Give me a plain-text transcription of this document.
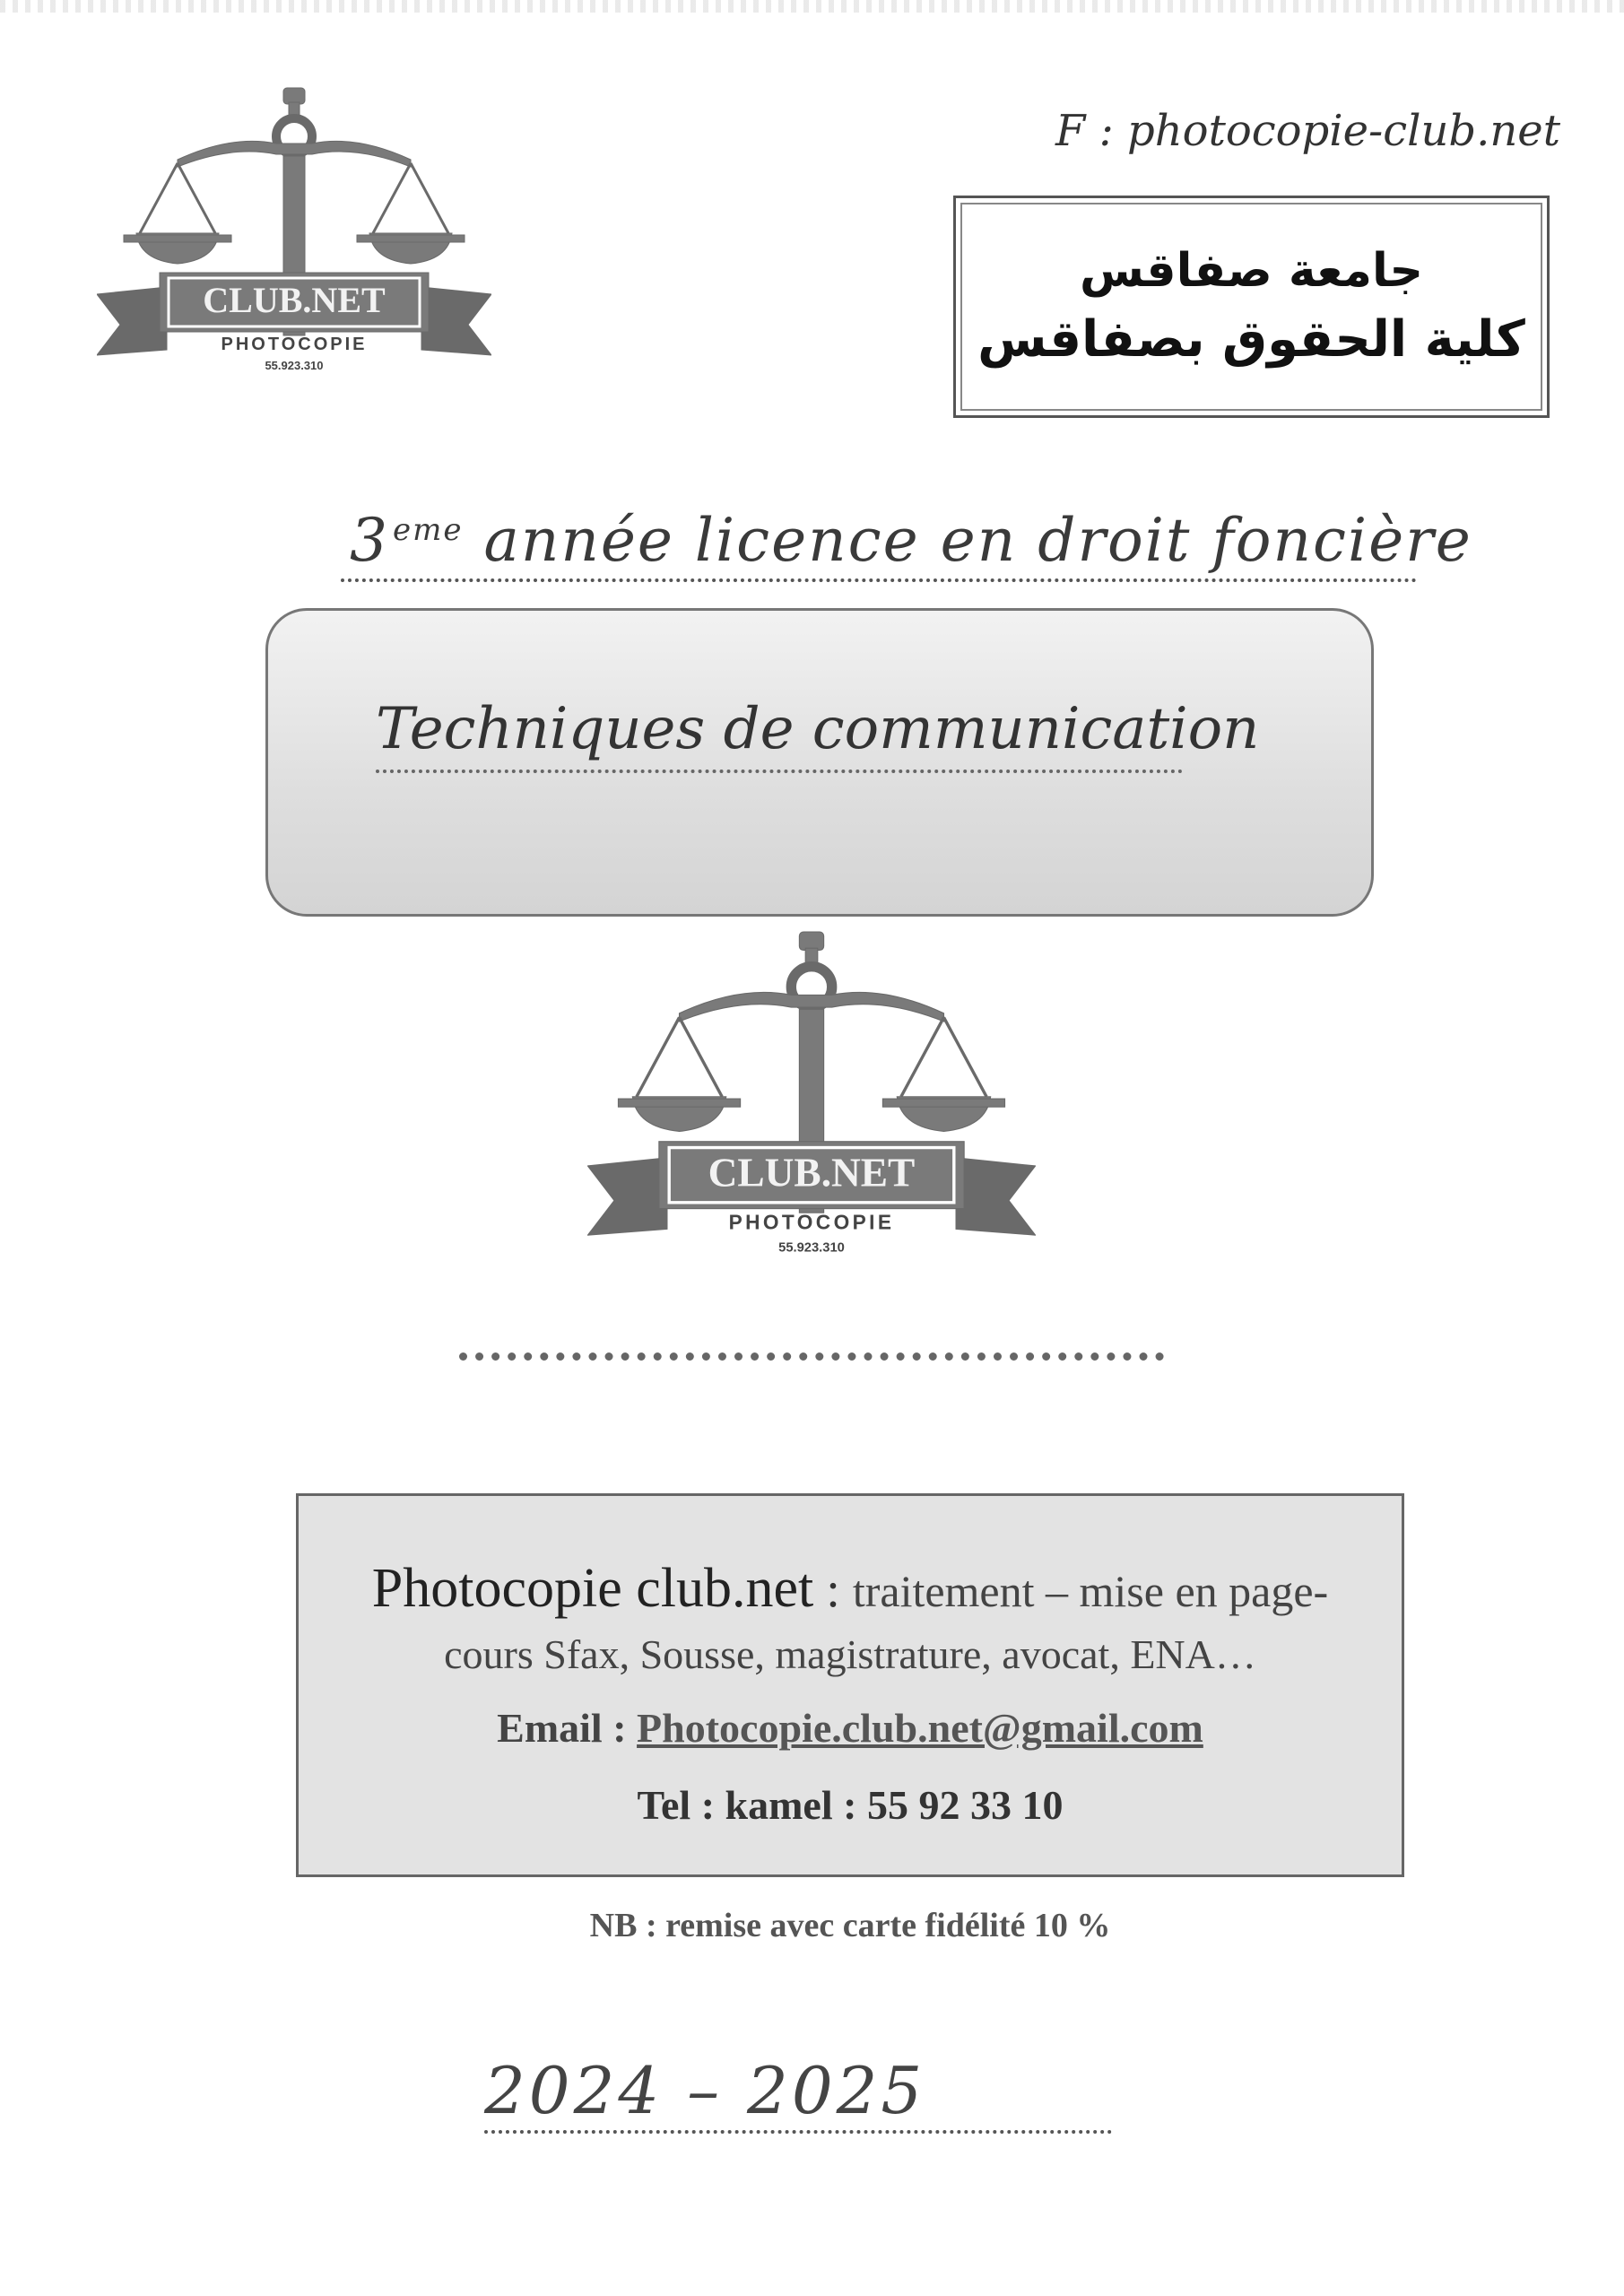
CLUB.NET
PHOTOCOPIE
55.923.310
F : photocopie-club.net
جامعة صفاقس
كلية الحقوق بصفاقس
3 $^{eme}$ année licence en droit foncière
Techniques de communication
CLUB.NET
PHOTOCOPIE
55.923.310
Photocopie club.net : traitement – mise en page-
cours Sfax, Sousse, magistrature, avocat, ENA…
Email : Photocopie.club.net@gmail.com
Tel : kamel : 55 92 33 10
NB : remise avec carte fidélité 10 %
2024 – 2025
